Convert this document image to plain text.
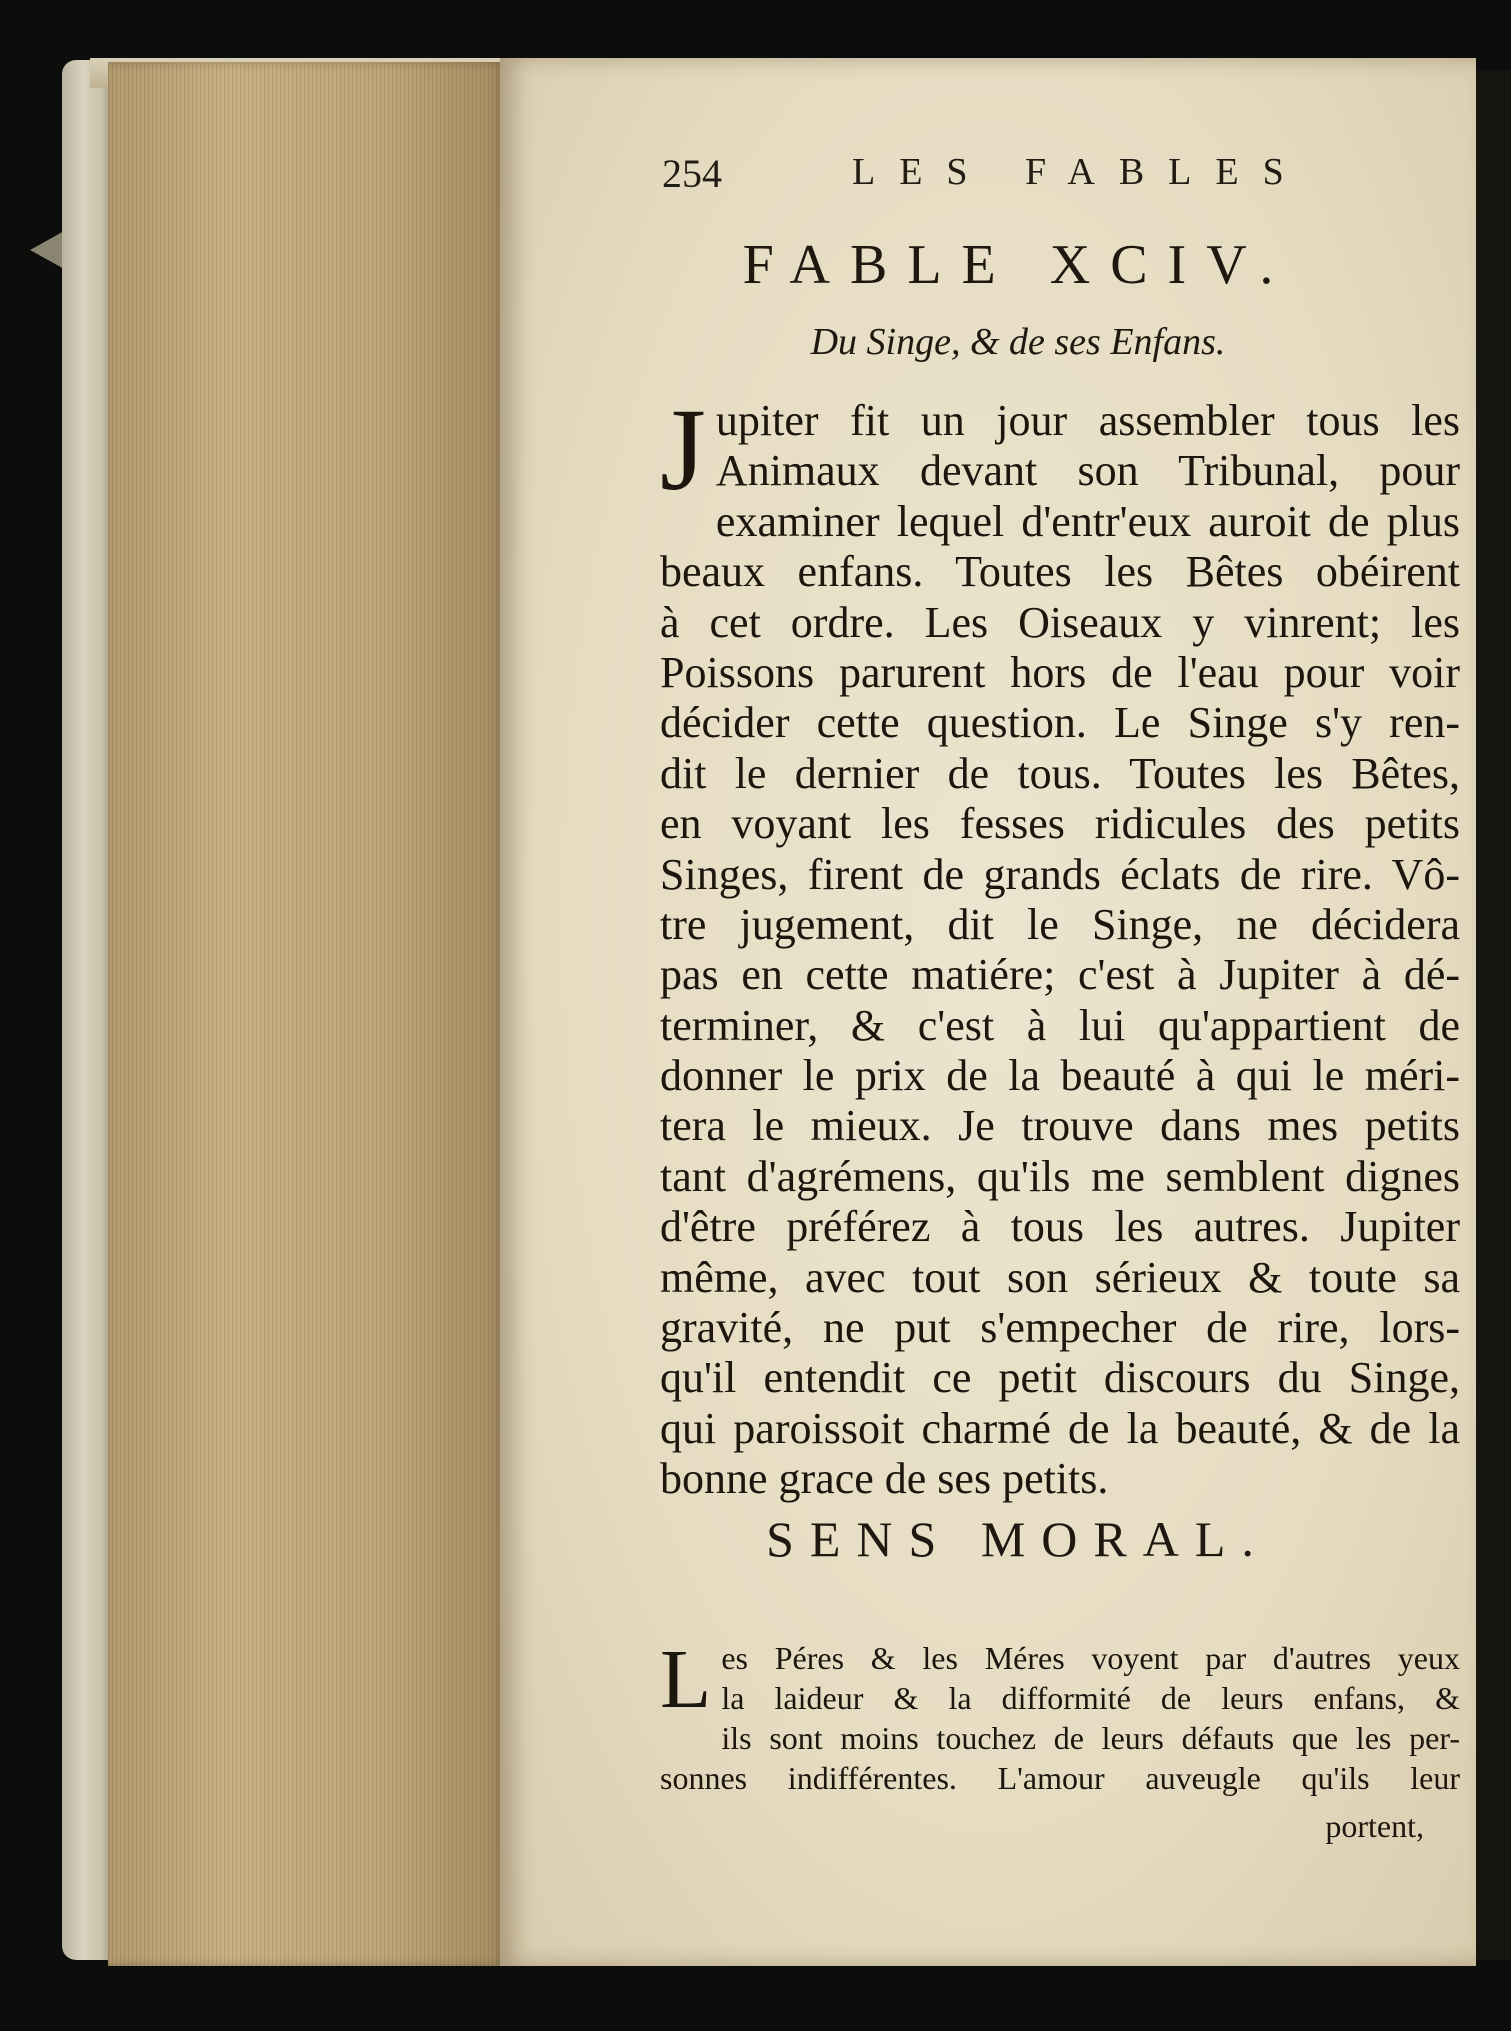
254	LES FABLES
FABLE XCIV.
Du Singe, & de ses Enfans.
J upiter fit un jour assembler tous les
Animaux devant son Tribunal, pour
examiner lequel d'entr'eux auroit de plus
beaux enfans. Toutes les Bêtes obéirent
à cet ordre. Les Oiseaux y vinrent; les
Poissons parurent hors de l'eau pour voir
décider cette question. Le Singe s'y ren-
dit le dernier de tous. Toutes les Bêtes,
en voyant les fesses ridicules des petits
Singes, firent de grands éclats de rire. Vô-
tre jugement, dit le Singe, ne décidera
pas en cette matiére; c'est à Jupiter à dé-
terminer, & c'est à lui qu'appartient de
donner le prix de la beauté à qui le méri-
tera le mieux. Je trouve dans mes petits
tant d'agrémens, qu'ils me semblent dignes
d'être préférez à tous les autres. Jupiter
même, avec tout son sérieux & toute sa
gravité, ne put s'empecher de rire, lors-
qu'il entendit ce petit discours du Singe,
qui paroissoit charmé de la beauté, & de la
bonne grace de ses petits.
SENS MORAL.
L es Péres & les Méres voyent par d'autres yeux
la laideur & la difformité de leurs enfans, &
ils sont moins touchez de leurs défauts que les per-
sonnes indifférentes. L'amour auveugle qu'ils leur
portent,
